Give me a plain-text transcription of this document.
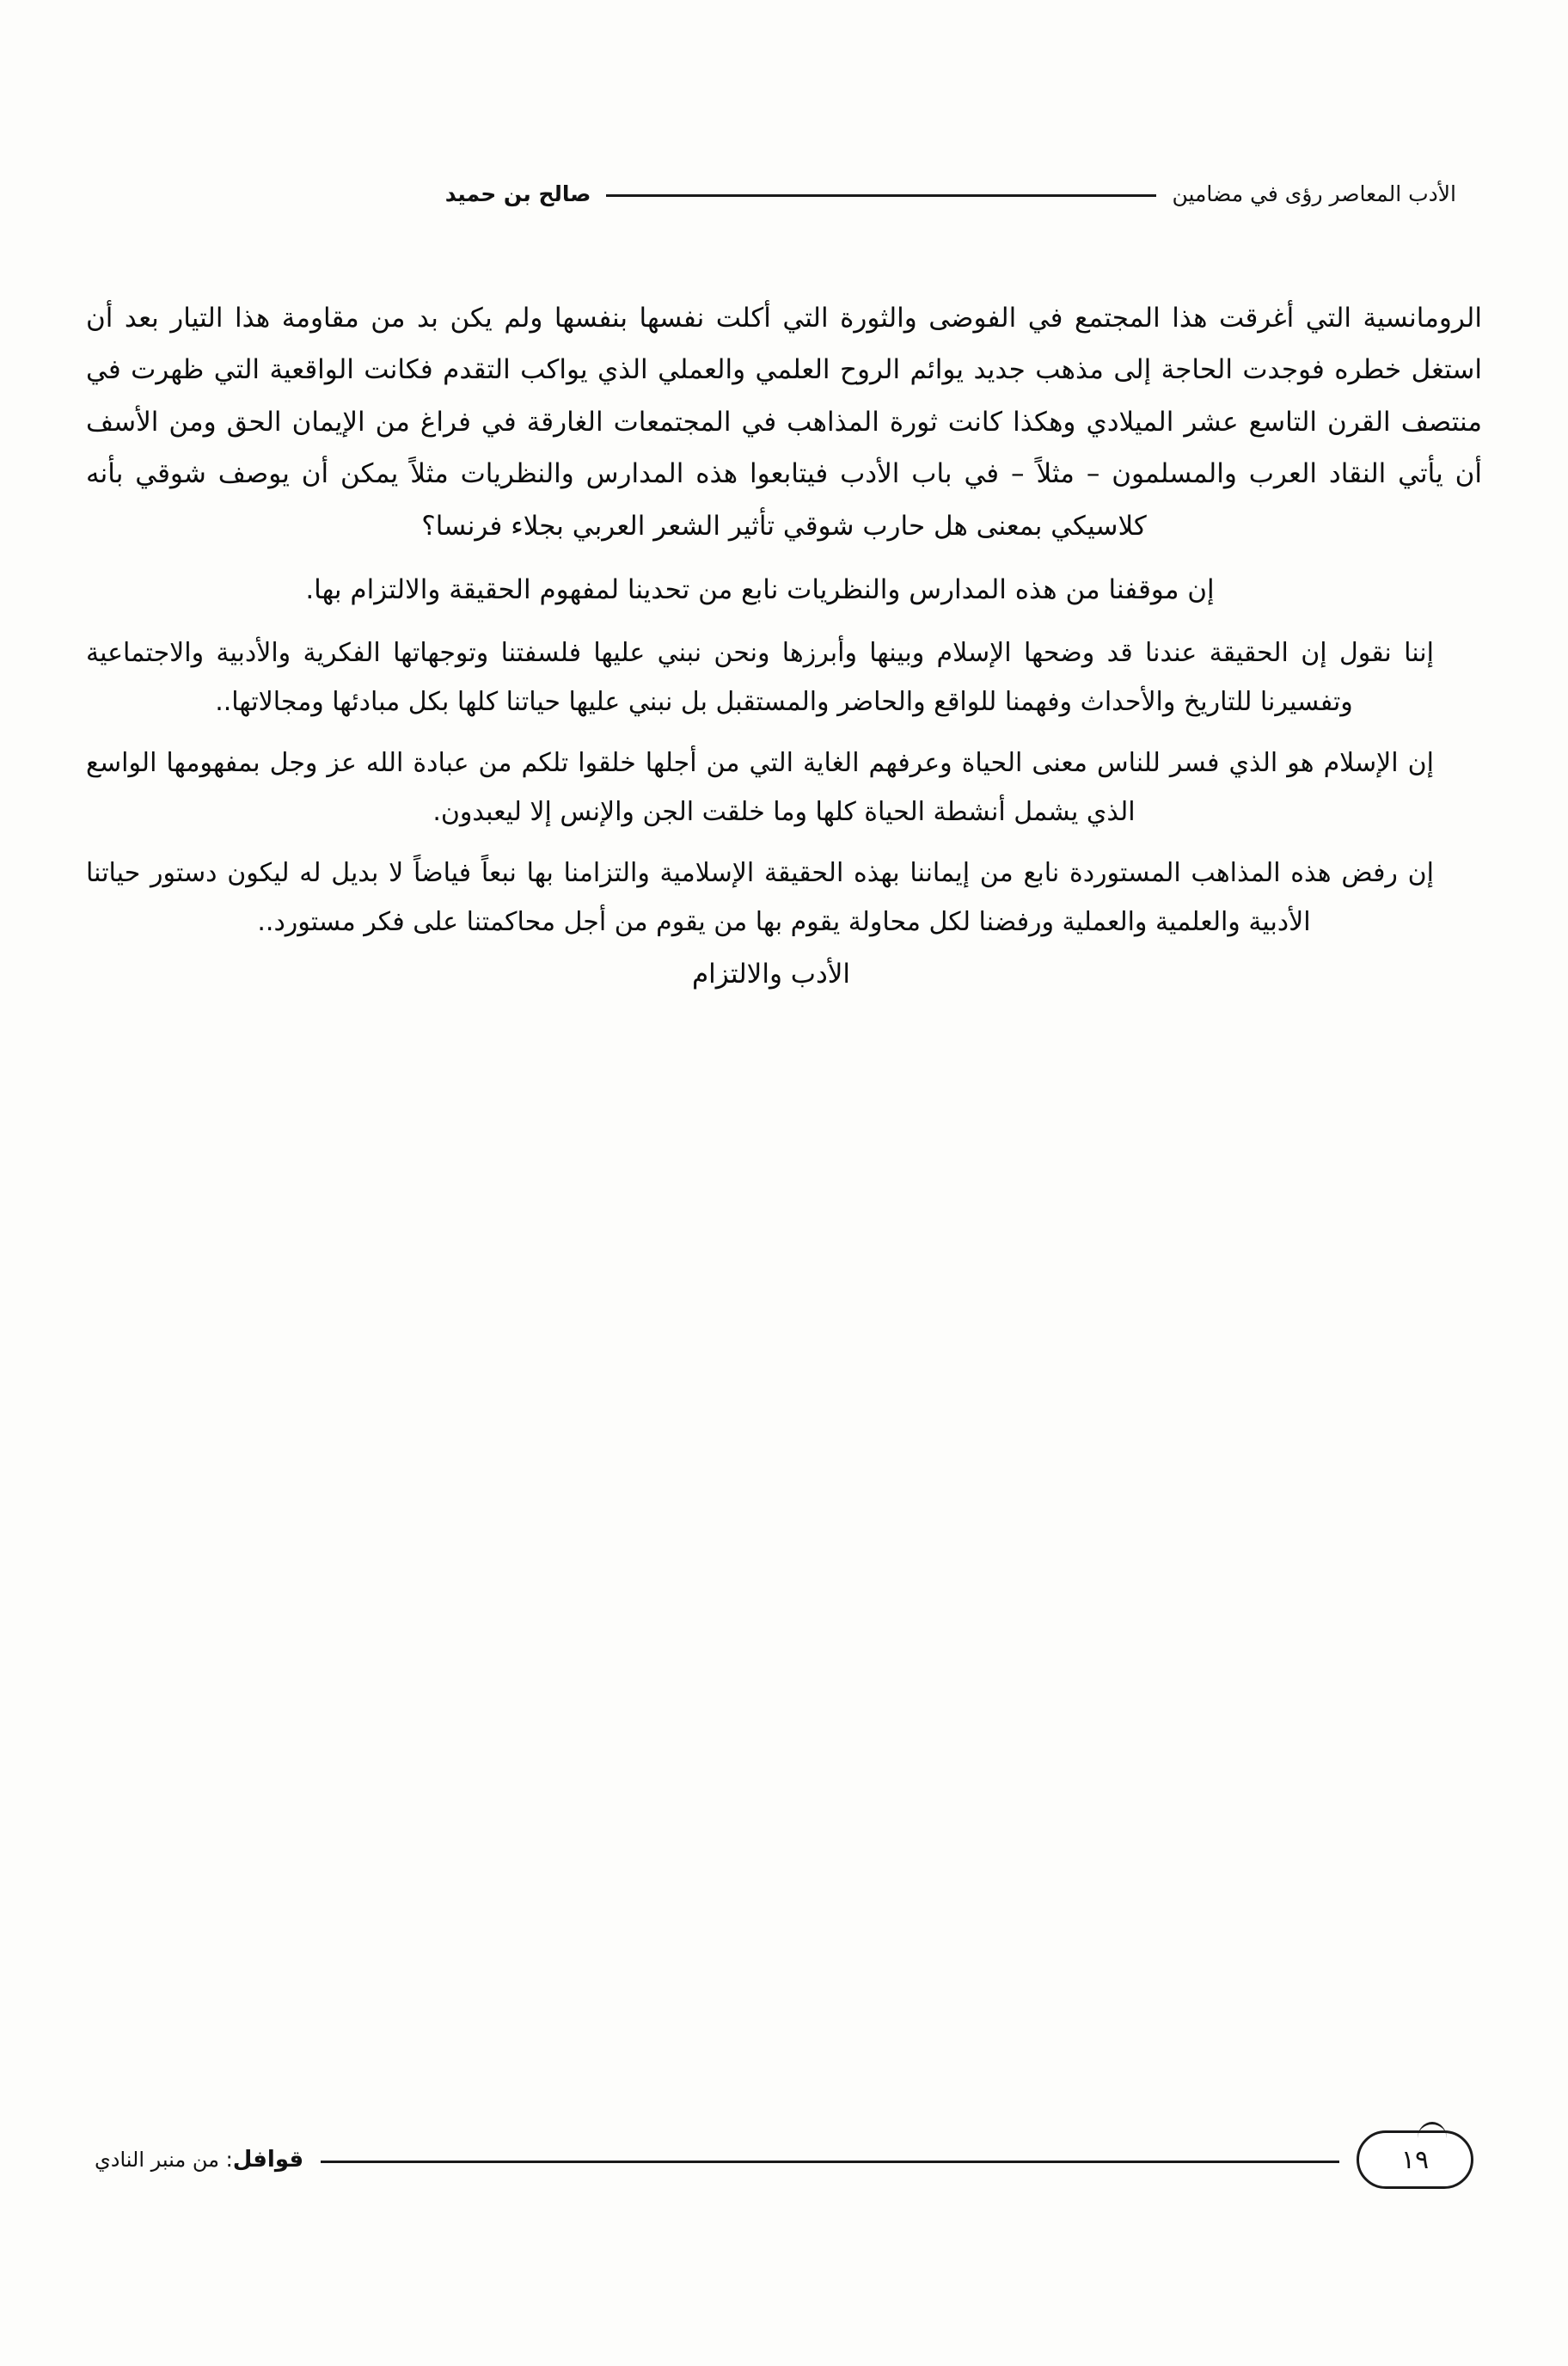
الأدب المعاصر رؤى في مضامين
صالح بن حميد

الرومانسية التي أغرقت هذا المجتمع في الفوضى والثورة التي أكلت نفسها بنفسها ولم يكن بد من مقاومة هذا التيار بعد أن استغل خطره فوجدت الحاجة إلى مذهب جديد يوائم الروح العلمي والعملي الذي يواكب التقدم فكانت الواقعية التي ظهرت في منتصف القرن التاسع عشر الميلادي وهكذا كانت ثورة المذاهب في المجتمعات الغارقة في فراغ من الإيمان الحق ومن الأسف أن يأتي النقاد العرب والمسلمون – مثلاً – في باب الأدب فيتابعوا هذه المدارس والنظريات مثلاً يمكن أن يوصف شوقي بأنه كلاسيكي بمعنى هل حارب شوقي تأثير الشعر العربي بجلاء فرنسا؟

إن موقفنا من هذه المدارس والنظريات نابع من تحدينا لمفهوم الحقيقة والالتزام بها.

إننا نقول إن الحقيقة عندنا قد وضحها الإسلام وبينها وأبرزها ونحن نبني عليها فلسفتنا وتوجهاتها الفكرية والأدبية والاجتماعية وتفسيرنا للتاريخ والأحداث وفهمنا للواقع والحاضر والمستقبل بل نبني عليها حياتنا كلها بكل مبادئها ومجالاتها..

إن الإسلام هو الذي فسر للناس معنى الحياة وعرفهم الغاية التي من أجلها خلقوا تلكم من عبادة الله عز وجل بمفهومها الواسع الذي يشمل أنشطة الحياة كلها وما خلقت الجن والإنس إلا ليعبدون.

إن رفض هذه المذاهب المستوردة نابع من إيماننا بهذه الحقيقة الإسلامية والتزامنا بها نبعاً فياضاً لا بديل له ليكون دستور حياتنا الأدبية والعلمية والعملية ورفضنا لكل محاولة يقوم بها من يقوم من أجل محاكمتنا على فكر مستورد..

الأدب والالتزام
قوافل: من منبر النادي	١٩
